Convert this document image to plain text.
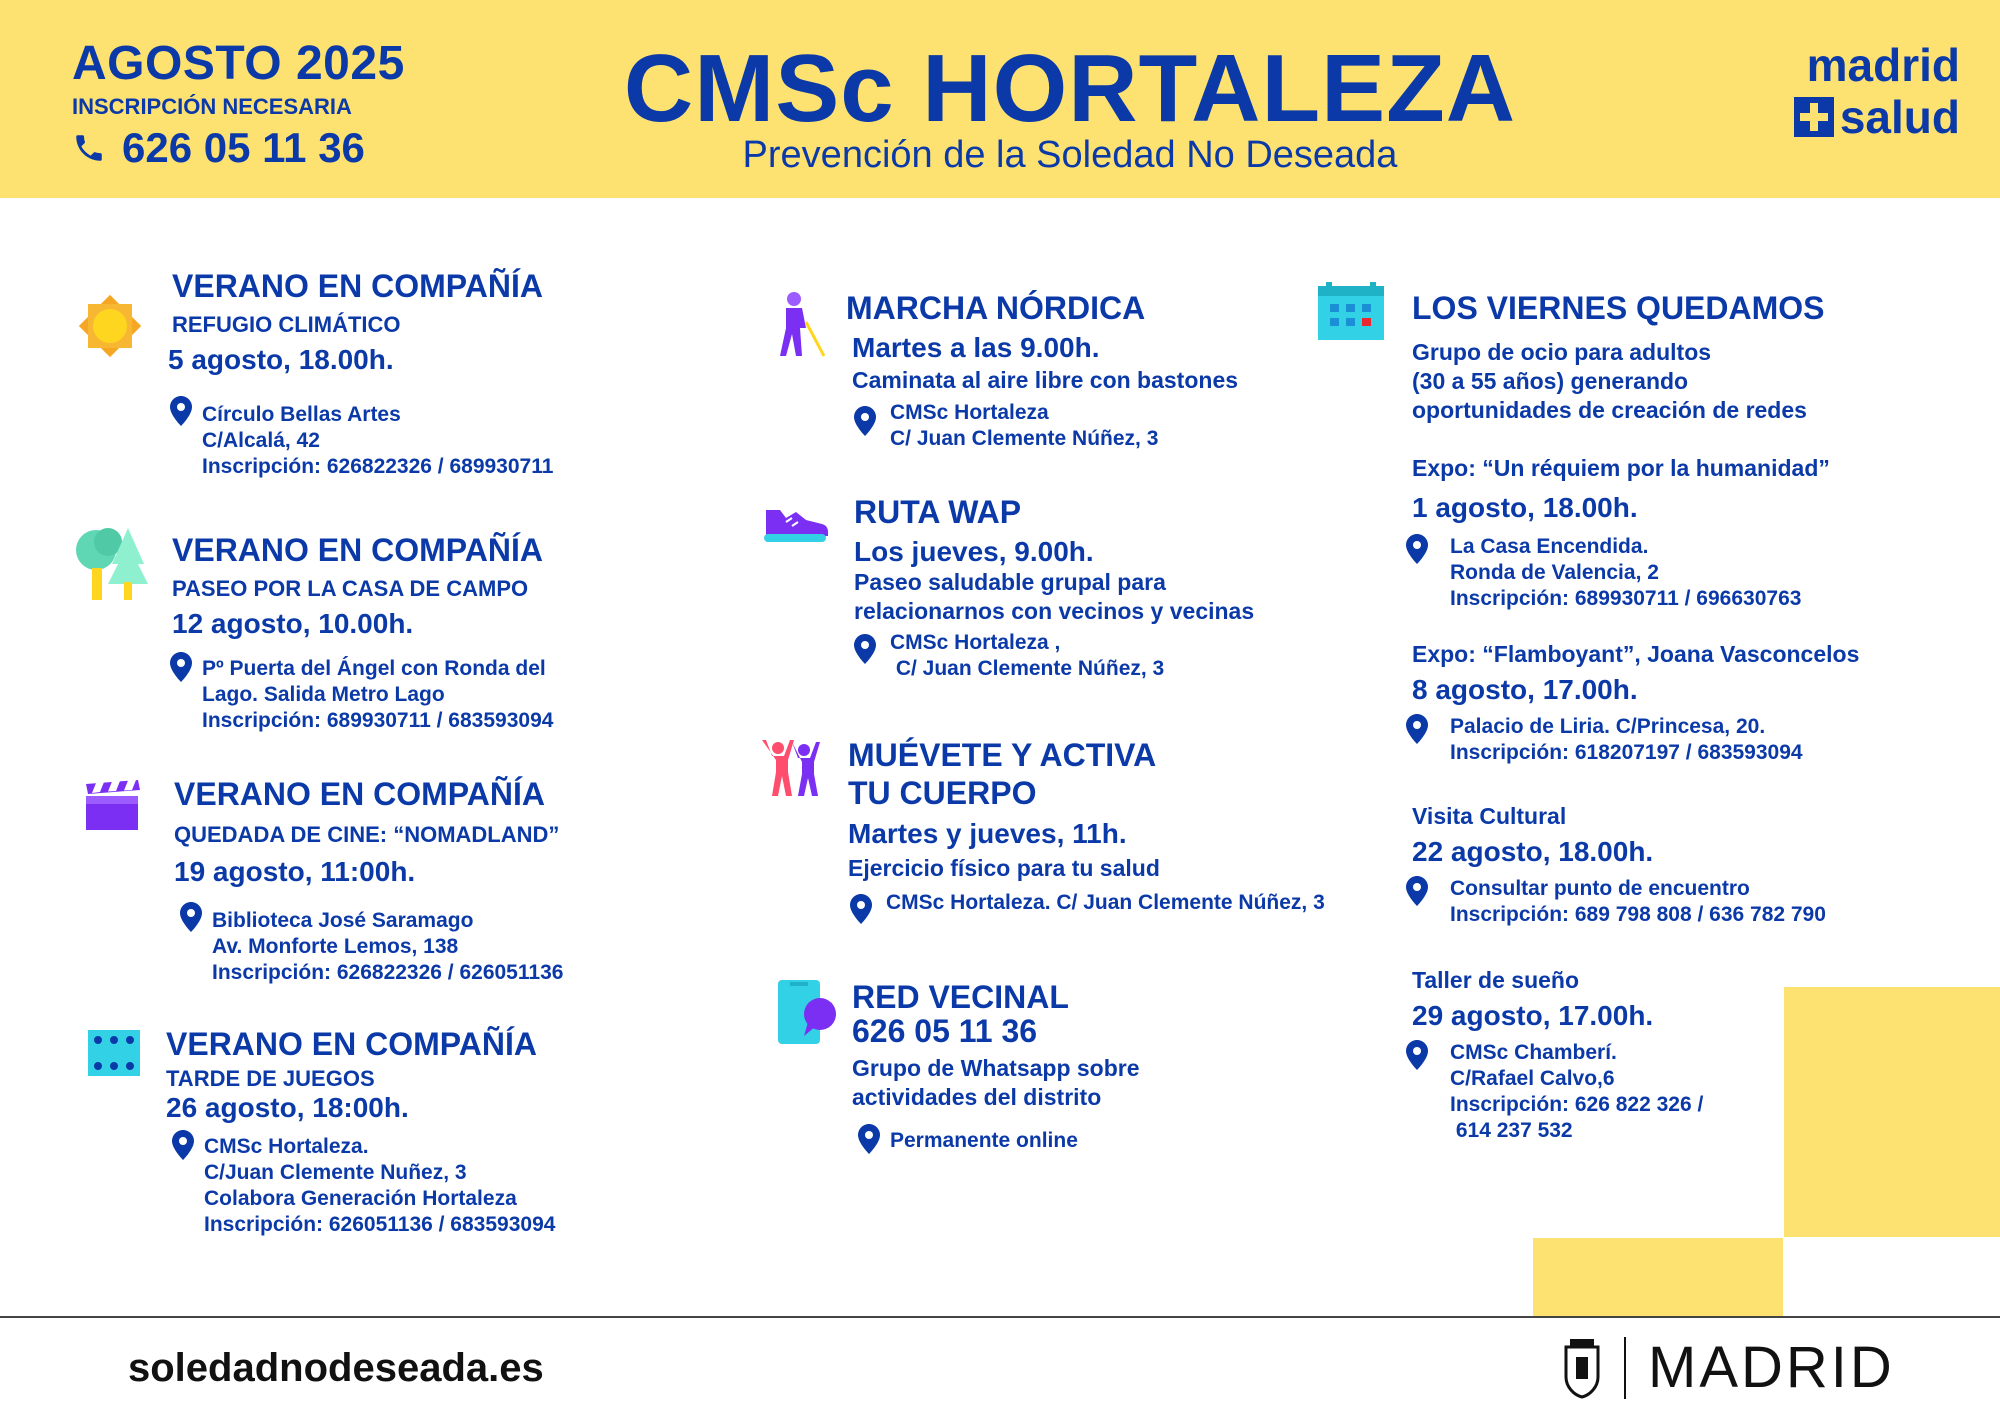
AGOSTO 2025
INSCRIPCIÓN NECESARIA
626 05 11 36
CMSc HORTALEZA
Prevención de la Soledad No Deseada
madrid
salud
VERANO EN COMPAÑÍA
REFUGIO CLIMÁTICO
5 agosto, 18.00h.
Círculo Bellas Artes
C/Alcalá, 42
Inscripción: 626822326 / 689930711
VERANO EN COMPAÑÍA
PASEO POR LA CASA DE CAMPO
12 agosto, 10.00h.
Pº Puerta del Ángel con Ronda del
Lago. Salida Metro Lago
Inscripción: 689930711 / 683593094
VERANO EN COMPAÑÍA
QUEDADA DE CINE: “NOMADLAND”
19 agosto, 11:00h.
Biblioteca José Saramago
Av. Monforte Lemos, 138
Inscripción: 626822326 / 626051136
VERANO EN COMPAÑÍA
TARDE DE JUEGOS
26 agosto, 18:00h.
CMSc Hortaleza.
C/Juan Clemente Nuñez, 3
Colabora Generación Hortaleza
Inscripción: 626051136 / 683593094
MARCHA NÓRDICA
Martes a las 9.00h.
Caminata al aire libre con bastones
CMSc Hortaleza
C/ Juan Clemente Núñez, 3
RUTA WAP
Los jueves, 9.00h.
Paseo saludable grupal para
relacionarnos con vecinos y vecinas
CMSc Hortaleza ,
C/ Juan Clemente Núñez, 3
MUÉVETE Y ACTIVA
TU CUERPO
Martes y jueves, 11h.
Ejercicio físico para tu salud
CMSc Hortaleza. C/ Juan Clemente Núñez, 3
RED VECINAL
626 05 11 36
Grupo de Whatsapp sobre
actividades del distrito
Permanente online
LOS VIERNES QUEDAMOS
Grupo de ocio para adultos
(30 a 55 años) generando
oportunidades de creación de redes
Expo: “Un réquiem por la humanidad”
1 agosto, 18.00h.
La Casa Encendida.
Ronda de Valencia, 2
Inscripción: 689930711 / 696630763
Expo: “Flamboyant”, Joana Vasconcelos
8 agosto, 17.00h.
Palacio de Liria. C/Princesa, 20.
Inscripción: 618207197 / 683593094
Visita Cultural
22 agosto, 18.00h.
Consultar punto de encuentro
Inscripción: 689 798 808 / 636 782 790
Taller de sueño
29 agosto, 17.00h.
CMSc Chamberí.
C/Rafael Calvo,6
Inscripción: 626 822 326 /
614 237 532
soledadnodeseada.es	MADRID
